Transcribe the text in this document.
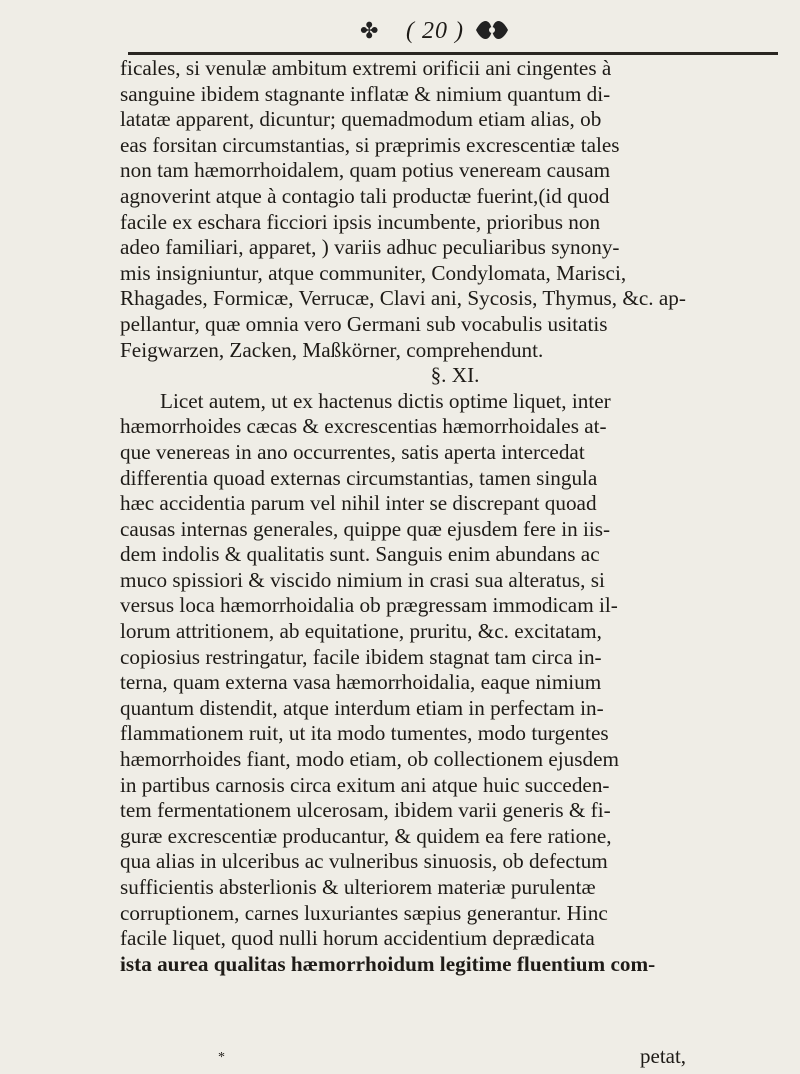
✤ ( 20 )
ficales, si venulæ ambitum extremi orificii ani cingentes à
sanguine ibidem stagnante inflatæ & nimium quantum di-
latatæ apparent, dicuntur; quemadmodum etiam alias, ob
eas forsitan circumstantias, si præprimis excrescentiæ tales
non tam hæmorrhoidalem, quam potius veneream causam
agnoverint atque à contagio tali productæ fuerint,(id quod
facile ex eschara ficciori ipsis incumbente, prioribus non
adeo familiari, apparet, ) variis adhuc peculiaribus synony-
mis insigniuntur, atque communiter, Condylomata, Marisci,
Rhagades, Formicæ, Verrucæ, Clavi ani, Sycosis, Thymus, &c. ap-
pellantur, quæ omnia vero Germani sub vocabulis usitatis
Feigwarzen, Zacken, Maßkörner, comprehendunt.
§. XI.
Licet autem, ut ex hactenus dictis optime liquet, inter
hæmorrhoides cæcas & excrescentias hæmorrhoidales at-
que venereas in ano occurrentes, satis aperta intercedat
differentia quoad externas circumstantias, tamen singula
hæc accidentia parum vel nihil inter se discrepant quoad
causas internas generales, quippe quæ ejusdem fere in iis-
dem indolis & qualitatis sunt. Sanguis enim abundans ac
muco spissiori & viscido nimium in crasi sua alteratus, si
versus loca hæmorrhoidalia ob prægressam immodicam il-
lorum attritionem, ab equitatione, pruritu, &c. excitatam,
copiosius restringatur, facile ibidem stagnat tam circa in-
terna, quam externa vasa hæmorrhoidalia, eaque nimium
quantum distendit, atque interdum etiam in perfectam in-
flammationem ruit, ut ita modo tumentes, modo turgentes
hæmorrhoides fiant, modo etiam, ob collectionem ejusdem
in partibus carnosis circa exitum ani atque huic succeden-
tem fermentationem ulcerosam, ibidem varii generis & fi-
guræ excrescentiæ producantur, & quidem ea fere ratione,
qua alias in ulceribus ac vulneribus sinuosis, ob defectum
sufficientis absterlionis & ulteriorem materiæ purulentæ
corruptionem, carnes luxuriantes sæpius generantur. Hinc
facile liquet, quod nulli horum accidentium deprædicata
ista aurea qualitas hæmorrhoidum legitime fluentium com-
*	petat,
